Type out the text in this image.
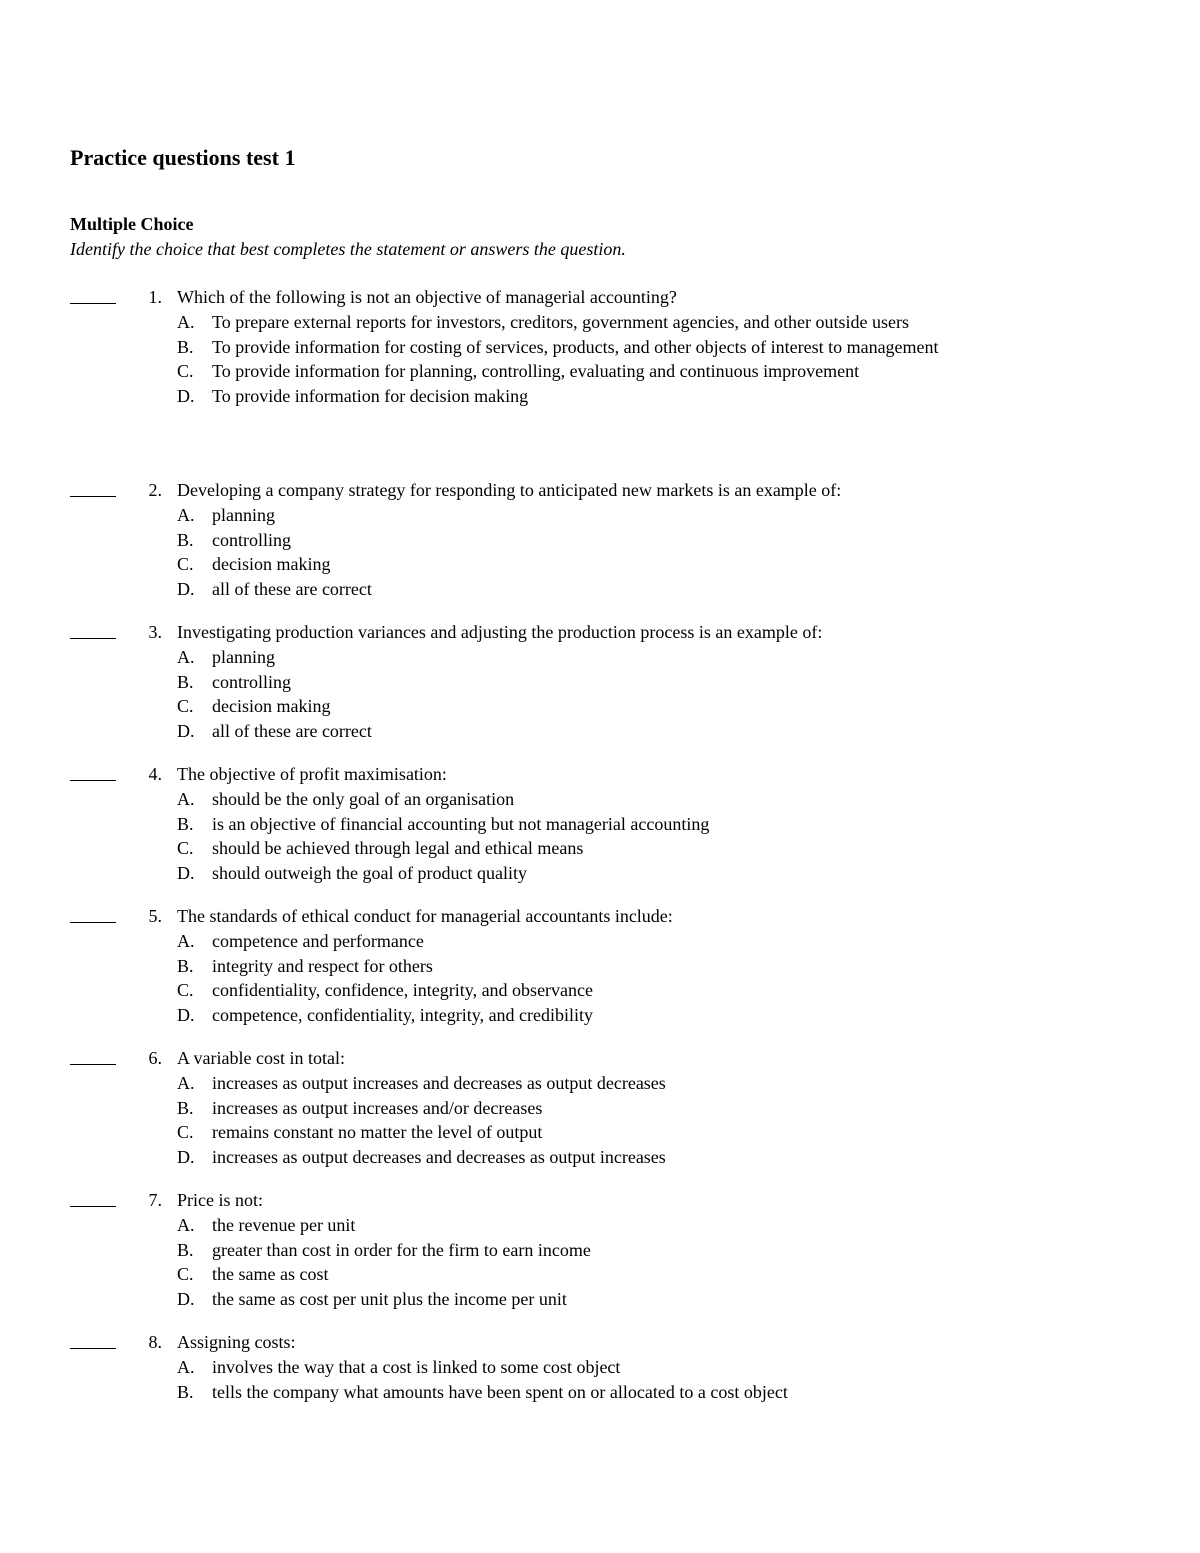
Practice questions test 1
Multiple Choice
Identify the choice that best completes the statement or answers the question.
1. Which of the following is not an objective of managerial accounting?
A. To prepare external reports for investors, creditors, government agencies, and other outside users
B. To provide information for costing of services, products, and other objects of interest to management
C. To provide information for planning, controlling, evaluating and continuous improvement
D. To provide information for decision making
2. Developing a company strategy for responding to anticipated new markets is an example of:
A. planning
B. controlling
C. decision making
D. all of these are correct
3. Investigating production variances and adjusting the production process is an example of:
A. planning
B. controlling
C. decision making
D. all of these are correct
4. The objective of profit maximisation:
A. should be the only goal of an organisation
B. is an objective of financial accounting but not managerial accounting
C. should be achieved through legal and ethical means
D. should outweigh the goal of product quality
5. The standards of ethical conduct for managerial accountants include:
A. competence and performance
B. integrity and respect for others
C. confidentiality, confidence, integrity, and observance
D. competence, confidentiality, integrity, and credibility
6. A variable cost in total:
A. increases as output increases and decreases as output decreases
B. increases as output increases and/or decreases
C. remains constant no matter the level of output
D. increases as output decreases and decreases as output increases
7. Price is not:
A. the revenue per unit
B. greater than cost in order for the firm to earn income
C. the same as cost
D. the same as cost per unit plus the income per unit
8. Assigning costs:
A. involves the way that a cost is linked to some cost object
B. tells the company what amounts have been spent on or allocated to a cost object
